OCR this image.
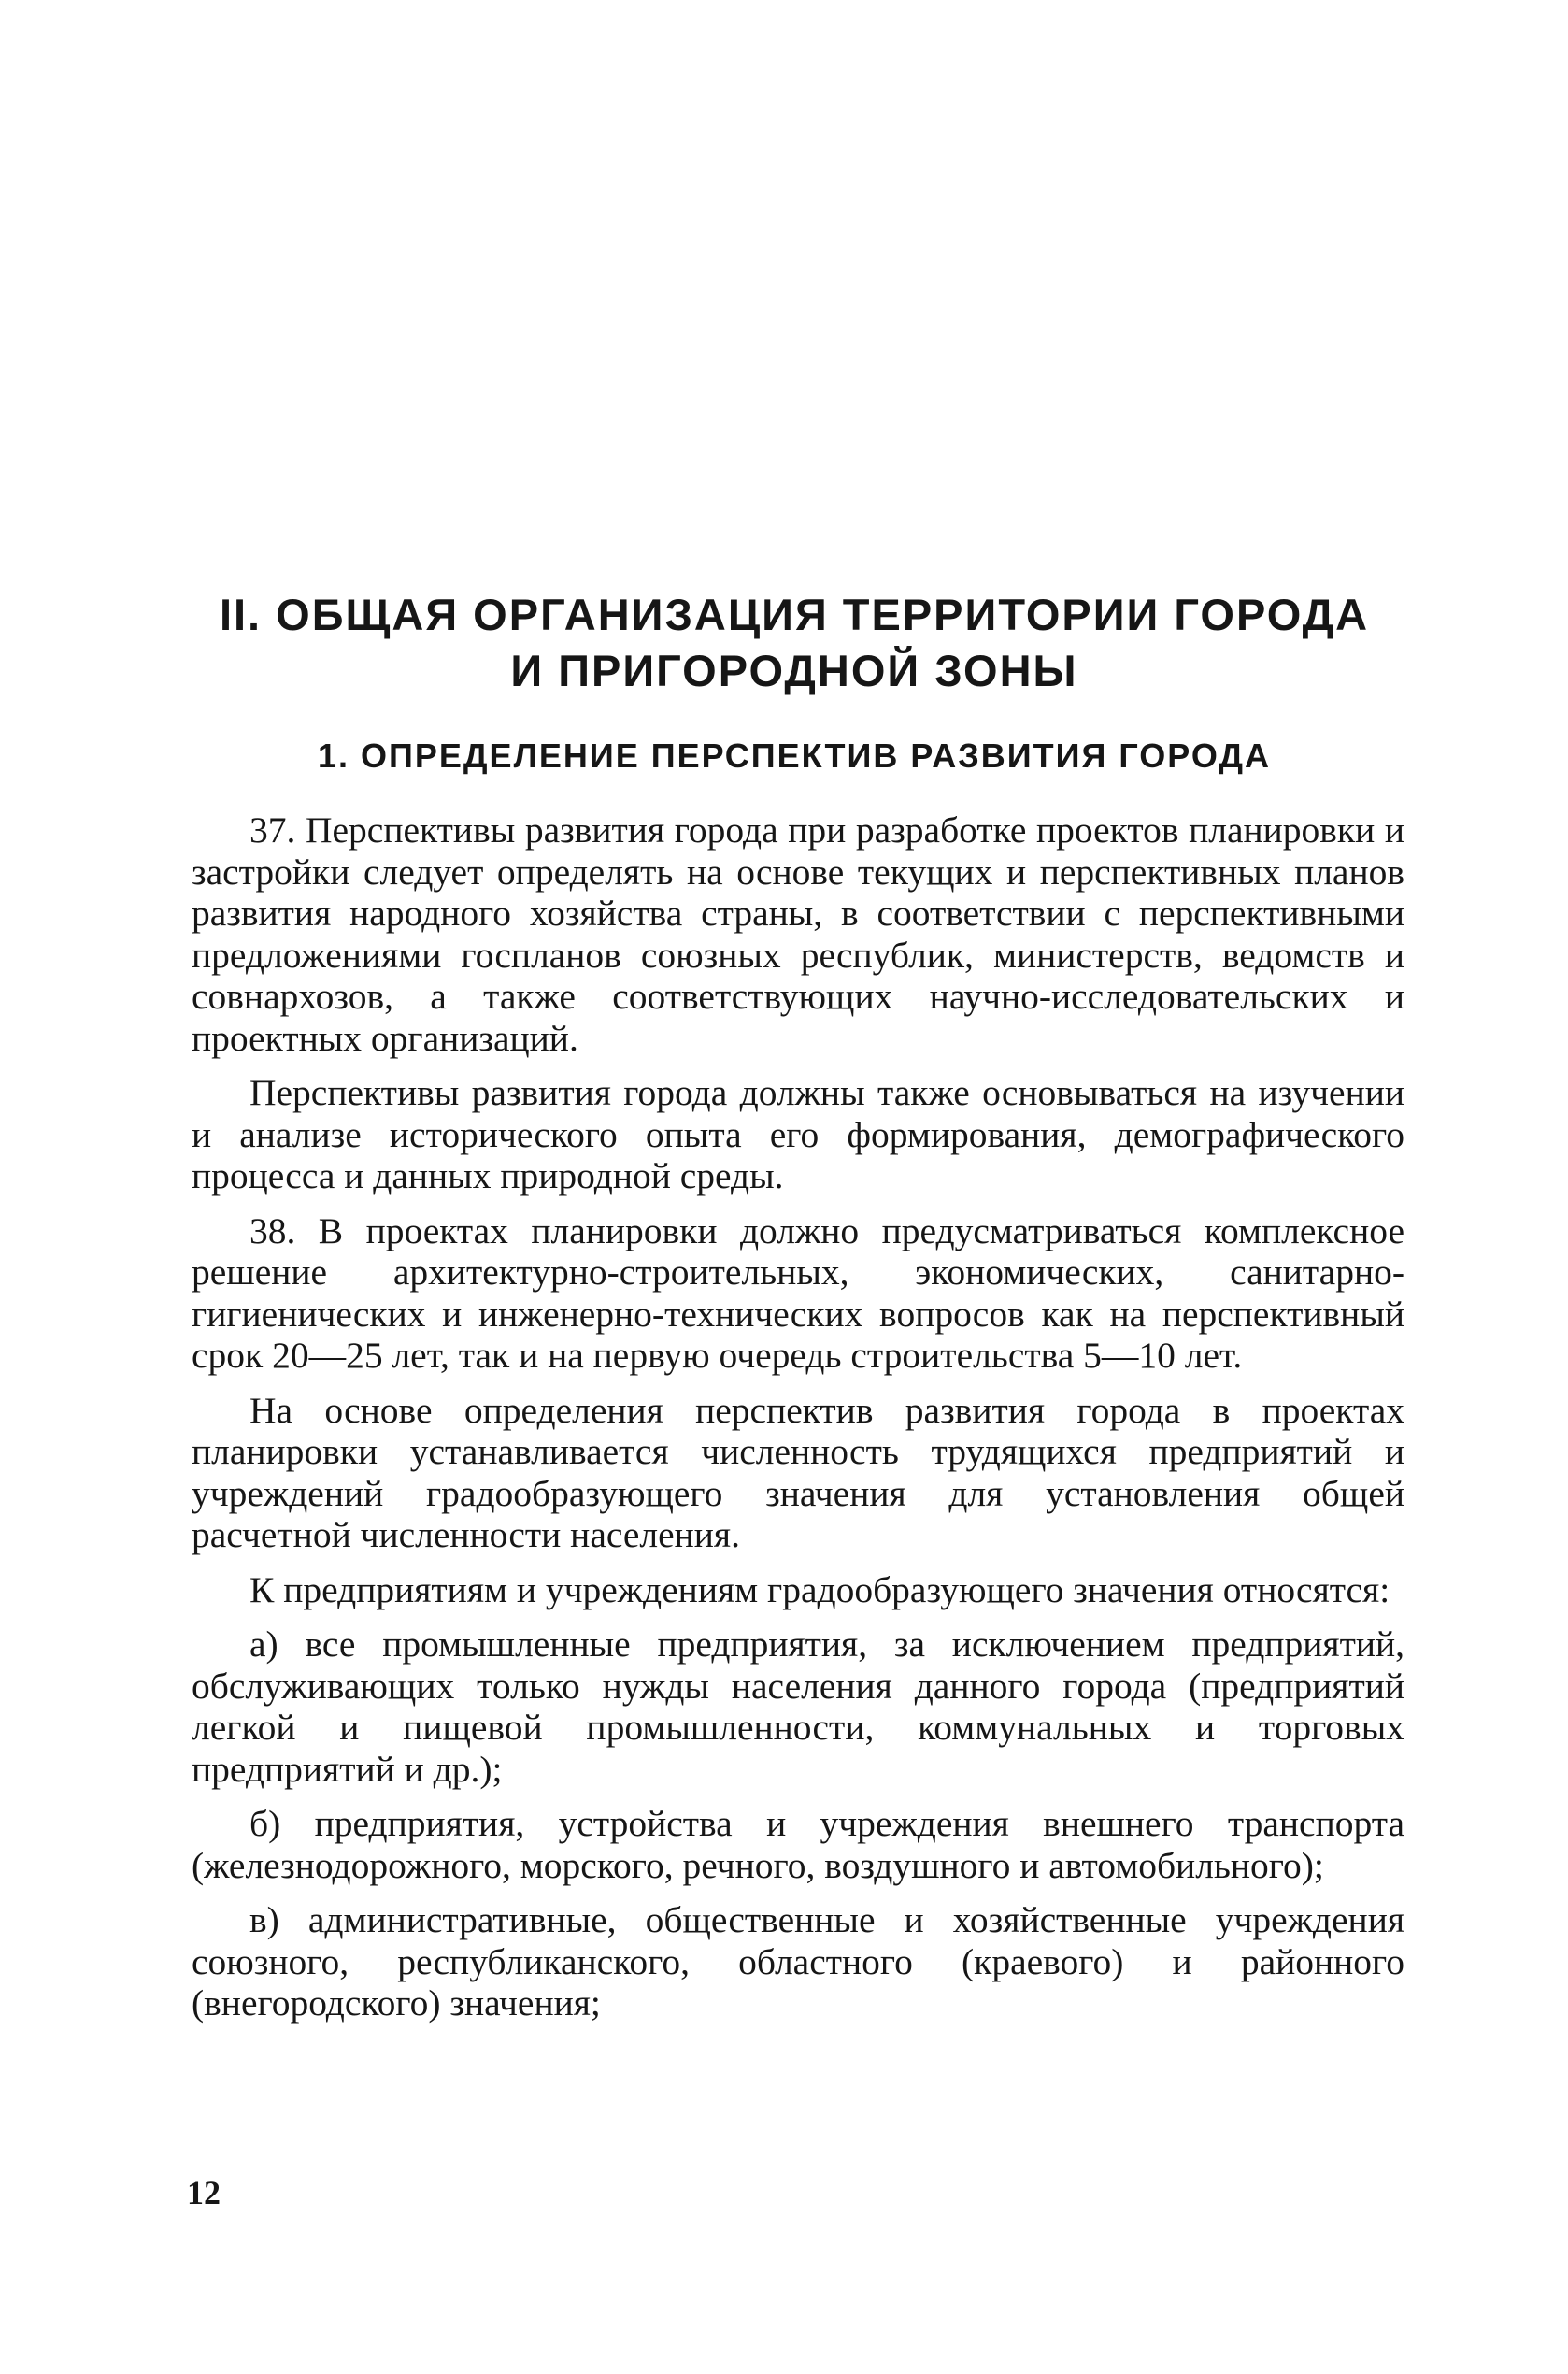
II. ОБЩАЯ ОРГАНИЗАЦИЯ ТЕРРИТОРИИ ГОРОДА
И ПРИГОРОДНОЙ ЗОНЫ
1. ОПРЕДЕЛЕНИЕ ПЕРСПЕКТИВ РАЗВИТИЯ ГОРОДА

37. Перспективы развития города при разработке проектов планировки и застройки следует определять на основе текущих и перспективных планов развития народного хозяйства страны, в соответствии с перспективными предложениями госпланов союзных республик, министерств, ведомств и совнархозов, а также соответствующих научно-исследовательских и проектных организаций.

Перспективы развития города должны также основываться на изучении и анализе исторического опыта его формирования, демографического процесса и данных природной среды.

38. В проектах планировки должно предусматриваться комплексное решение архитектурно-строительных, экономических, санитарно-гигиенических и инженерно-технических вопросов как на перспективный срок 20—25 лет, так и на первую очередь строительства 5—10 лет.

На основе определения перспектив развития города в проектах планировки устанавливается численность трудящихся предприятий и учреждений градообразующего значения для установления общей расчетной численности населения.

К предприятиям и учреждениям градообразующего значения относятся:

а) все промышленные предприятия, за исключением предприятий, обслуживающих только нужды населения данного города (предприятий легкой и пищевой промышленности, коммунальных и торговых предприятий и др.);

б) предприятия, устройства и учреждения внешнего транспорта (железнодорожного, морского, речного, воздушного и автомобильного);

в) административные, общественные и хозяйственные учреждения союзного, республиканского, областного (краевого) и районного (внегородского) значения;

12
